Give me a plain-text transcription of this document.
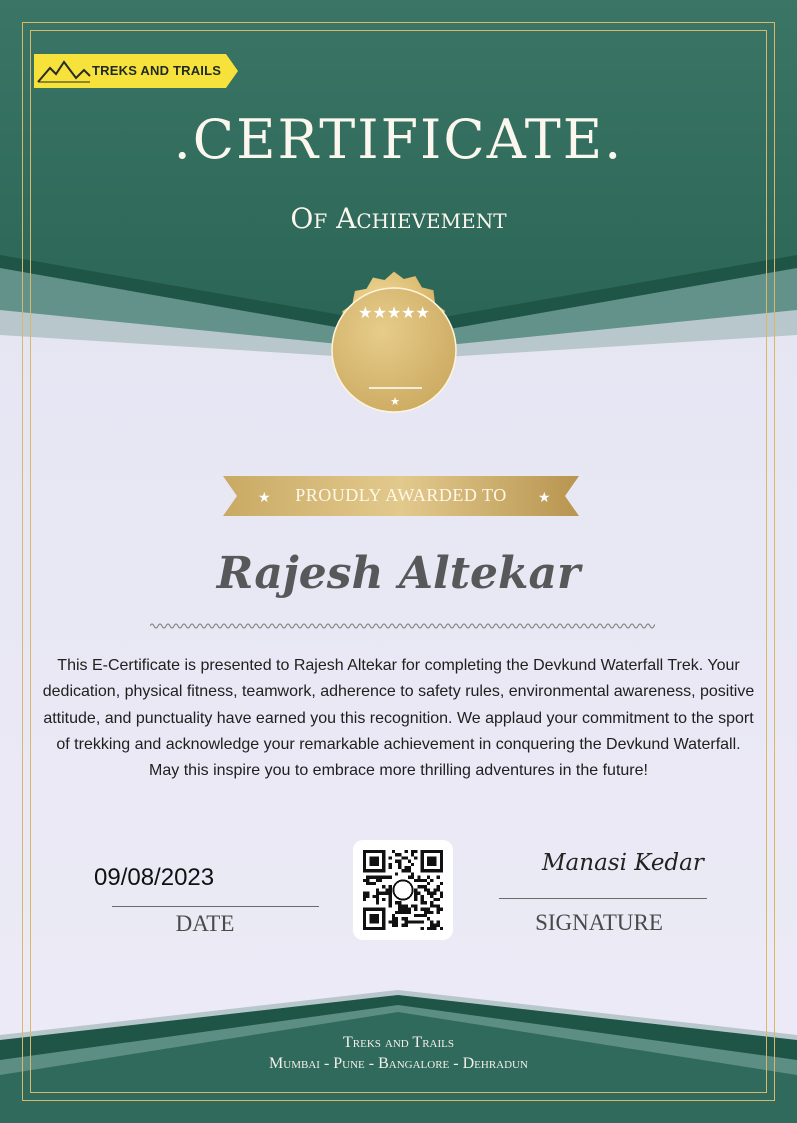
TREKS AND TRAILS
.CERTIFICATE.
Of Achievement
★★★★★
★
★	★
PROUDLY AWARDED TO
Rajesh Altekar
This E-Certificate is presented to Rajesh Altekar for completing the Devkund Waterfall Trek. Your dedication, physical fitness, teamwork, adherence to safety rules, environmental awareness, positive attitude, and punctuality have earned you this recognition. We applaud your commitment to the sport of trekking and acknowledge your remarkable achievement in conquering the Devkund Waterfall. May this inspire you to embrace more thrilling adventures in the future!
09/08/2023
DATE
Manasi Kedar
SIGNATURE
Treks and Trails
Mumbai - Pune - Bangalore - Dehradun
